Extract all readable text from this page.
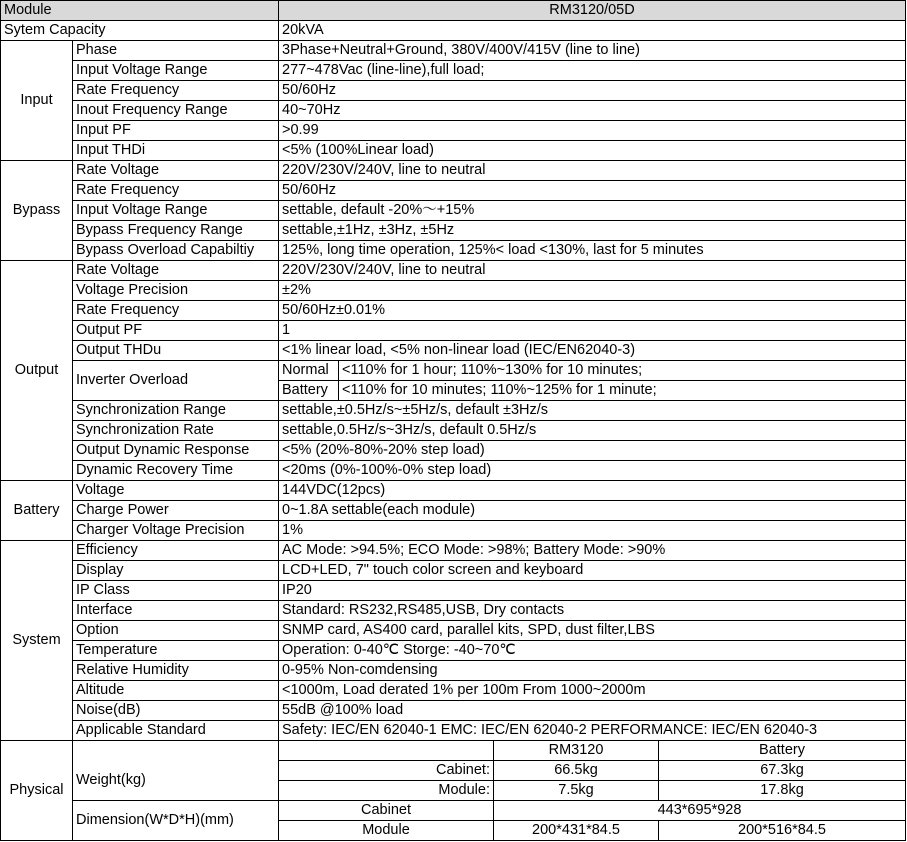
Module		RM3120/05D			
Sytem Capacity		20kVA			
Input	Phase	3Phase+Neutral+Ground, 380V/400V/415V (line to line)			
	Input Voltage Range	277~478Vac (line-line),full load;			
	Rate Frequency	50/60Hz			
	Inout Frequency Range	40~70Hz			
	Input PF	>0.99			
	Input THDi	<5% (100%Linear load)			
Bypass	Rate Voltage	220V/230V/240V, line to neutral			
	Rate Frequency	50/60Hz			
	Input Voltage Range	settable, default -20%～+15%			
	Bypass Frequency Range	settable,±1Hz, ±3Hz, ±5Hz			
	Bypass Overload Capabiltiy	125%, long time operation, 125%< load <130%, last for 5 minutes			
Output	Rate Voltage	220V/230V/240V, line to neutral			
	Voltage Precision	±2%			
	Rate Frequency	50/60Hz±0.01%			
	Output PF	1			
	Output THDu	<1% linear load, <5% non-linear load (IEC/EN62040-3)			
	Inverter Overload	Normal	<110% for 1 hour; 110%~130% for 10 minutes;		
		Battery	<110% for 10 minutes; 110%~125% for 1 minute;		
	Synchronization Range	settable,±0.5Hz/s~±5Hz/s, default ±3Hz/s			
	Synchronization Rate	settable,0.5Hz/s~3Hz/s, default 0.5Hz/s			
	Output Dynamic Response	<5% (20%-80%-20% step load)			
	Dynamic Recovery Time	<20ms (0%-100%-0% step load)			
Battery	Voltage	144VDC(12pcs)			
	Charge Power	0~1.8A settable(each module)			
	Charger Voltage Precision	1%			
System	Efficiency	AC Mode: >94.5%; ECO Mode: >98%; Battery Mode: >90%			
	Display	LCD+LED, 7" touch color screen and keyboard			
	IP Class	IP20			
	Interface	Standard: RS232,RS485,USB, Dry contacts			
	Option	SNMP card, AS400 card, parallel kits, SPD, dust filter,LBS			
	Temperature	Operation: 0-40℃ Storge: -40~70℃			
	Relative Humidity	0-95% Non-comdensing			
	Altitude	<1000m, Load derated 1% per 100m From 1000~2000m			
	Noise(dB)	55dB @100% load			
	Applicable Standard	Safety: IEC/EN 62040-1 EMC: IEC/EN 62040-2 PERFORMANCE: IEC/EN 62040-3			
Physical				RM3120	Battery
	Weight(kg)	Cabinet:		66.5kg	67.3kg
		Module:		7.5kg	17.8kg
	Dimension(W*D*H)(mm)	Cabinet		443*695*928	
		Module		200*431*84.5	200*516*84.5
